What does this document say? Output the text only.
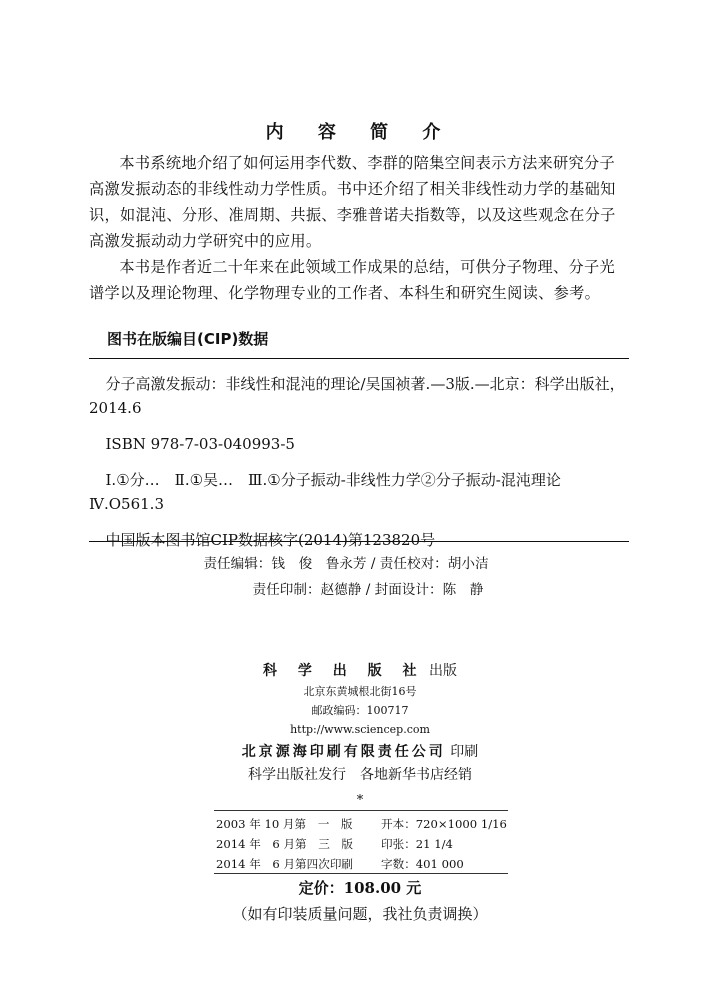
内 容 简 介

本书系统地介绍了如何运用李代数、李群的陪集空间表示方法来研究分子高激发振动态的非线性动力学性质。书中还介绍了相关非线性动力学的基础知识，如混沌、分形、准周期、共振、李雅普诺夫指数等，以及这些观念在分子高激发振动动力学研究中的应用。

本书是作者近二十年来在此领域工作成果的总结，可供分子物理、分子光谱学以及理论物理、化学物理专业的工作者、本科生和研究生阅读、参考。

图书在版编目(CIP)数据

分子高激发振动：非线性和混沌的理论/吴国祯著.—3版.—北京：科学出版社，2014.6

ISBN 978-7-03-040993-5

Ⅰ.①分…　Ⅱ.①吴…　Ⅲ.①分子振动-非线性力学②分子振动-混沌理论　Ⅳ.O561.3

中国版本图书馆CIP数据核字(2014)第123820号

责任编辑：钱　俊　鲁永芳 / 责任校对：胡小洁
责任印制：赵德静 / 封面设计：陈　静
科 学 出 版 社 出版
北京东黄城根北街16号
邮政编码：100717
http://www.sciencep.com
北京源海印刷有限责任公司 印刷
科学出版社发行　各地新华书店经销
*
2003 年 10 月第　一　版	开本：720×1000 1/16
2014 年　6 月第　三　版	印张：21 1/4
2014 年　6 月第四次印刷	字数：401 000
定价：108.00 元
（如有印装质量问题，我社负责调换）
